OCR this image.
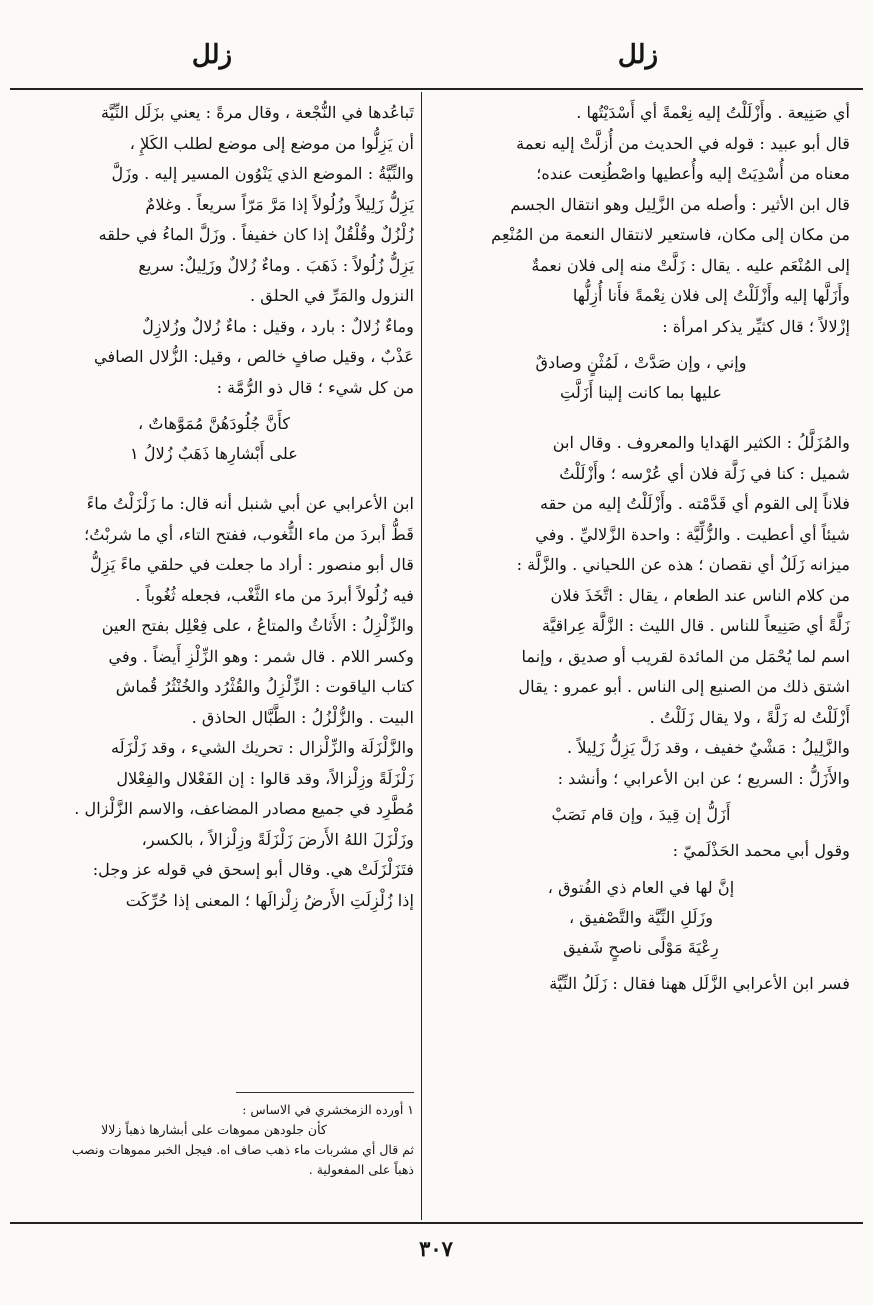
زلل
زلل

أي صَنِيعة . وأَزْلَلْتُ إليه نِعْمةً أي أَسْدَيْتُها .

قال أبو عبيد : قوله في الحديث من أُزلَّتْ إليه نعمة

معناه من أُسْدِيَتْ إليه وأُعطيها واصْطُنِعت عنده؛

قال ابن الأثير : وأصله من الزَّلِيل وهو انتقال الجسم

من مكان إلى مكان، فاستعير لانتقال النعمة من المُنْعِم

إلى المُنْعَم عليه . يقال : زَلَّتْ منه إلى فلان نعمةٌ

وأَزَلَّها إليه وأَزْلَلْتُ إلى فلان نِعْمةً فأَنا أُزِلُّها

إزْلالاً ؛ قال كثيِّر يذكر امرأة :

وإني ، وإن صَدَّتْ ، لَمُثْنٍ وصادقٌ

عليها بما كانت إلينا أَزَلَّتِ

والمُزَلَّلُ : الكثير الهَدايا والمعروف . وقال ابن

شميل : كنا في زَلَّة فلان أي عُرْسه ؛ وأَزْلَلْتُ

فلاناً إلى القوم أي قَدَّمْته . وأَزْلَلْتُ إليه من حقه

شيئاً أي أعطيت . والزُّلِّيَّة : واحدة الزَّلاليِّ . وفي

ميزانه زَلَلٌ أي نقصان ؛ هذه عن اللحياني . والزَّلَّة :

من كلام الناس عند الطعام ، يقال : اتَّخَذَ فلان

زَلَّةً أي صَنِيعاً للناس . قال الليث : الزَّلَّة عِراقيَّة

اسم لما يُحْمَل من المائدة لقريب أو صديق ، وإنما

اشتق ذلك من الصنيع إلى الناس . أبو عمرو : يقال

أَزْلَلْتُ له زَلَّةً ، ولا يقال زَلَلْتُ .

والزَّلِيلُ : مَشْيٌ خفيف ، وقد زَلَّ يَزِلُّ زَلِيلاً .

والأَزَلُّ : السريع ؛ عن ابن الأعرابي ؛ وأنشد :

أَزَلُّ إن قِيدَ ، وإن قام نَصَبْ

وقول أبي محمد الحَذْلَميّ :

إنَّ لها في العام ذي الفُتوق ،

وزَلَلِ النِّيَّة والتَّصْفيق ،

رِعْيَةَ مَوْلًى ناصحٍ شَفيق

فسر ابن الأعرابي الزَّلَل ههنا فقال : زَلَلُ النِّيَّة

تَباعُدها في النُّجْعة ، وقال مرةً : يعني بزَلَل النِّيَّة

أن يَزِلُّوا من موضع إلى موضع لطلب الكَلإِ ،

والنِّيَّةُ : الموضع الذي يَنْوُون المسير إليه . وزَلَّ

يَزِلُّ زَلِيلاً وزُلُولاً إذا مَرَّ مَرّاً سريعاً . وغلامٌ

زُلْزُلٌ وقُلْقُلٌ إذا كان خفيفاً . وزَلَّ الماءُ في حلقه

يَزِلُّ زُلُولاً : ذَهَبَ . وماءٌ زُلالٌ وزَلِيلٌ: سريع

النزول والمَرِّ في الحلق .

وماءٌ زُلالٌ : بارد ، وقيل : ماءٌ زُلالٌ وزُلازِلٌ

عَذْبٌ ، وقيل صافٍ خالص ، وقيل: الزُّلال الصافي

من كل شيء ؛ قال ذو الرُّمَّة :

كأَنَّ جُلُودَهُنَّ مُمَوَّهاتٌ ،

على أَبْشارِها ذَهَبٌ زُلالُ ١

ابن الأعرابي عن أبي شنبل أنه قال: ما زَلْزَلْتُ ماءً

قَطُّ أبردَ من ماء الثُّغوب، ففتح التاء، أي ما شربْتُ؛

قال أبو منصور : أراد ما جعلت في حلقي ماءً يَزِلُّ

فيه زُلُولاً أبردَ من ماء الثَّغْب، فجعله ثُغُوباً .

والزِّلْزِلُ : الأَثاثُ والمتاعُ ، على فِعْلِل بفتح العين

وكسر اللام . قال شمر : وهو الزِّلْزِ أَيضاً . وفي

كتاب الياقوت : الزِّلْزِلُ والقُثْرُد والخُنْثُرُ قُماش

البيت . والزُّلْزُلُ : الطَّبَّال الحاذق .

والزَّلْزَلَة والزِّلْزال : تحريك الشيء ، وقد زَلْزَلَه

زَلْزَلَةً وزِلْزالاً، وقد قالوا : إن الفَعْلال والفِعْلال

مُطَّرِد في جميع مصادر المضاعف، والاسم الزَّلْزال .

وزَلْزَلَ اللهُ الأَرضَ زَلْزَلَةً وزِلْزالاً ، بالكسر،

فتَزَلْزَلَتْ هي. وقال أبو إسحق في قوله عز وجل:

إذا زُلْزِلَتِ الأَرضُ زِلْزالَها ؛ المعنى إذا حُرِّكَت

١ أورده الزمخشري في الاساس :

كأن جلودهن مموهات على أبشارها ذهباً زلالا

ثم قال أي مشربات ماء ذهب صاف اه. فيجل الخبر مموهات ونصب

ذهباً على المفعولية .

٣٠٧
